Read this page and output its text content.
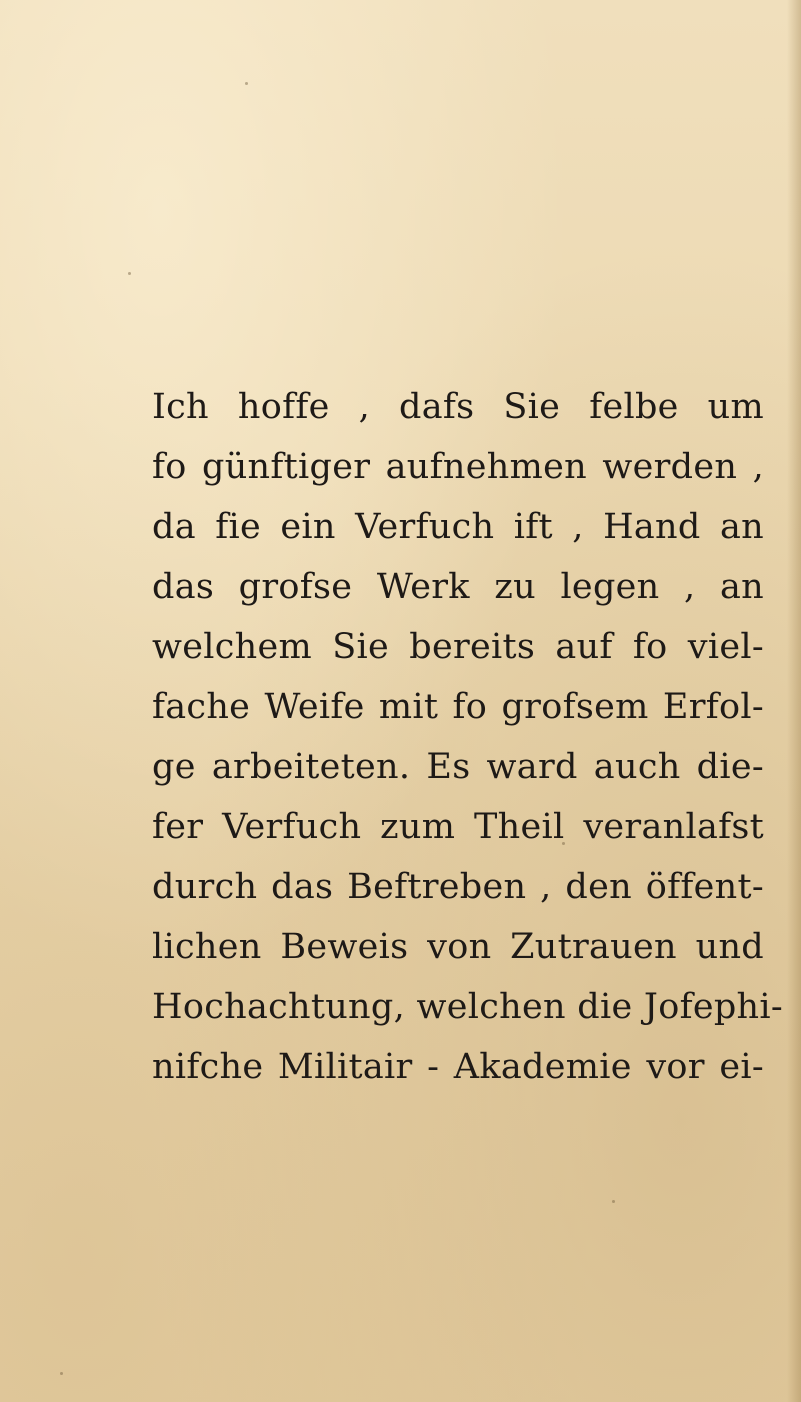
Ich hoffe , dafs Sie felbe um
fo günftiger aufnehmen werden ,
da fie ein Verfuch ift , Hand an
das grofse Werk zu legen , an
welchem Sie bereits auf fo viel-
fache Weife mit fo grofsem Erfol-
ge arbeiteten. Es ward auch die-
fer Verfuch zum Theil veranlafst
durch das Beftreben , den öffent-
lichen Beweis von Zutrauen und
Hochachtung, welchen die Jofephi-
nifche Militair - Akademie vor ei-
